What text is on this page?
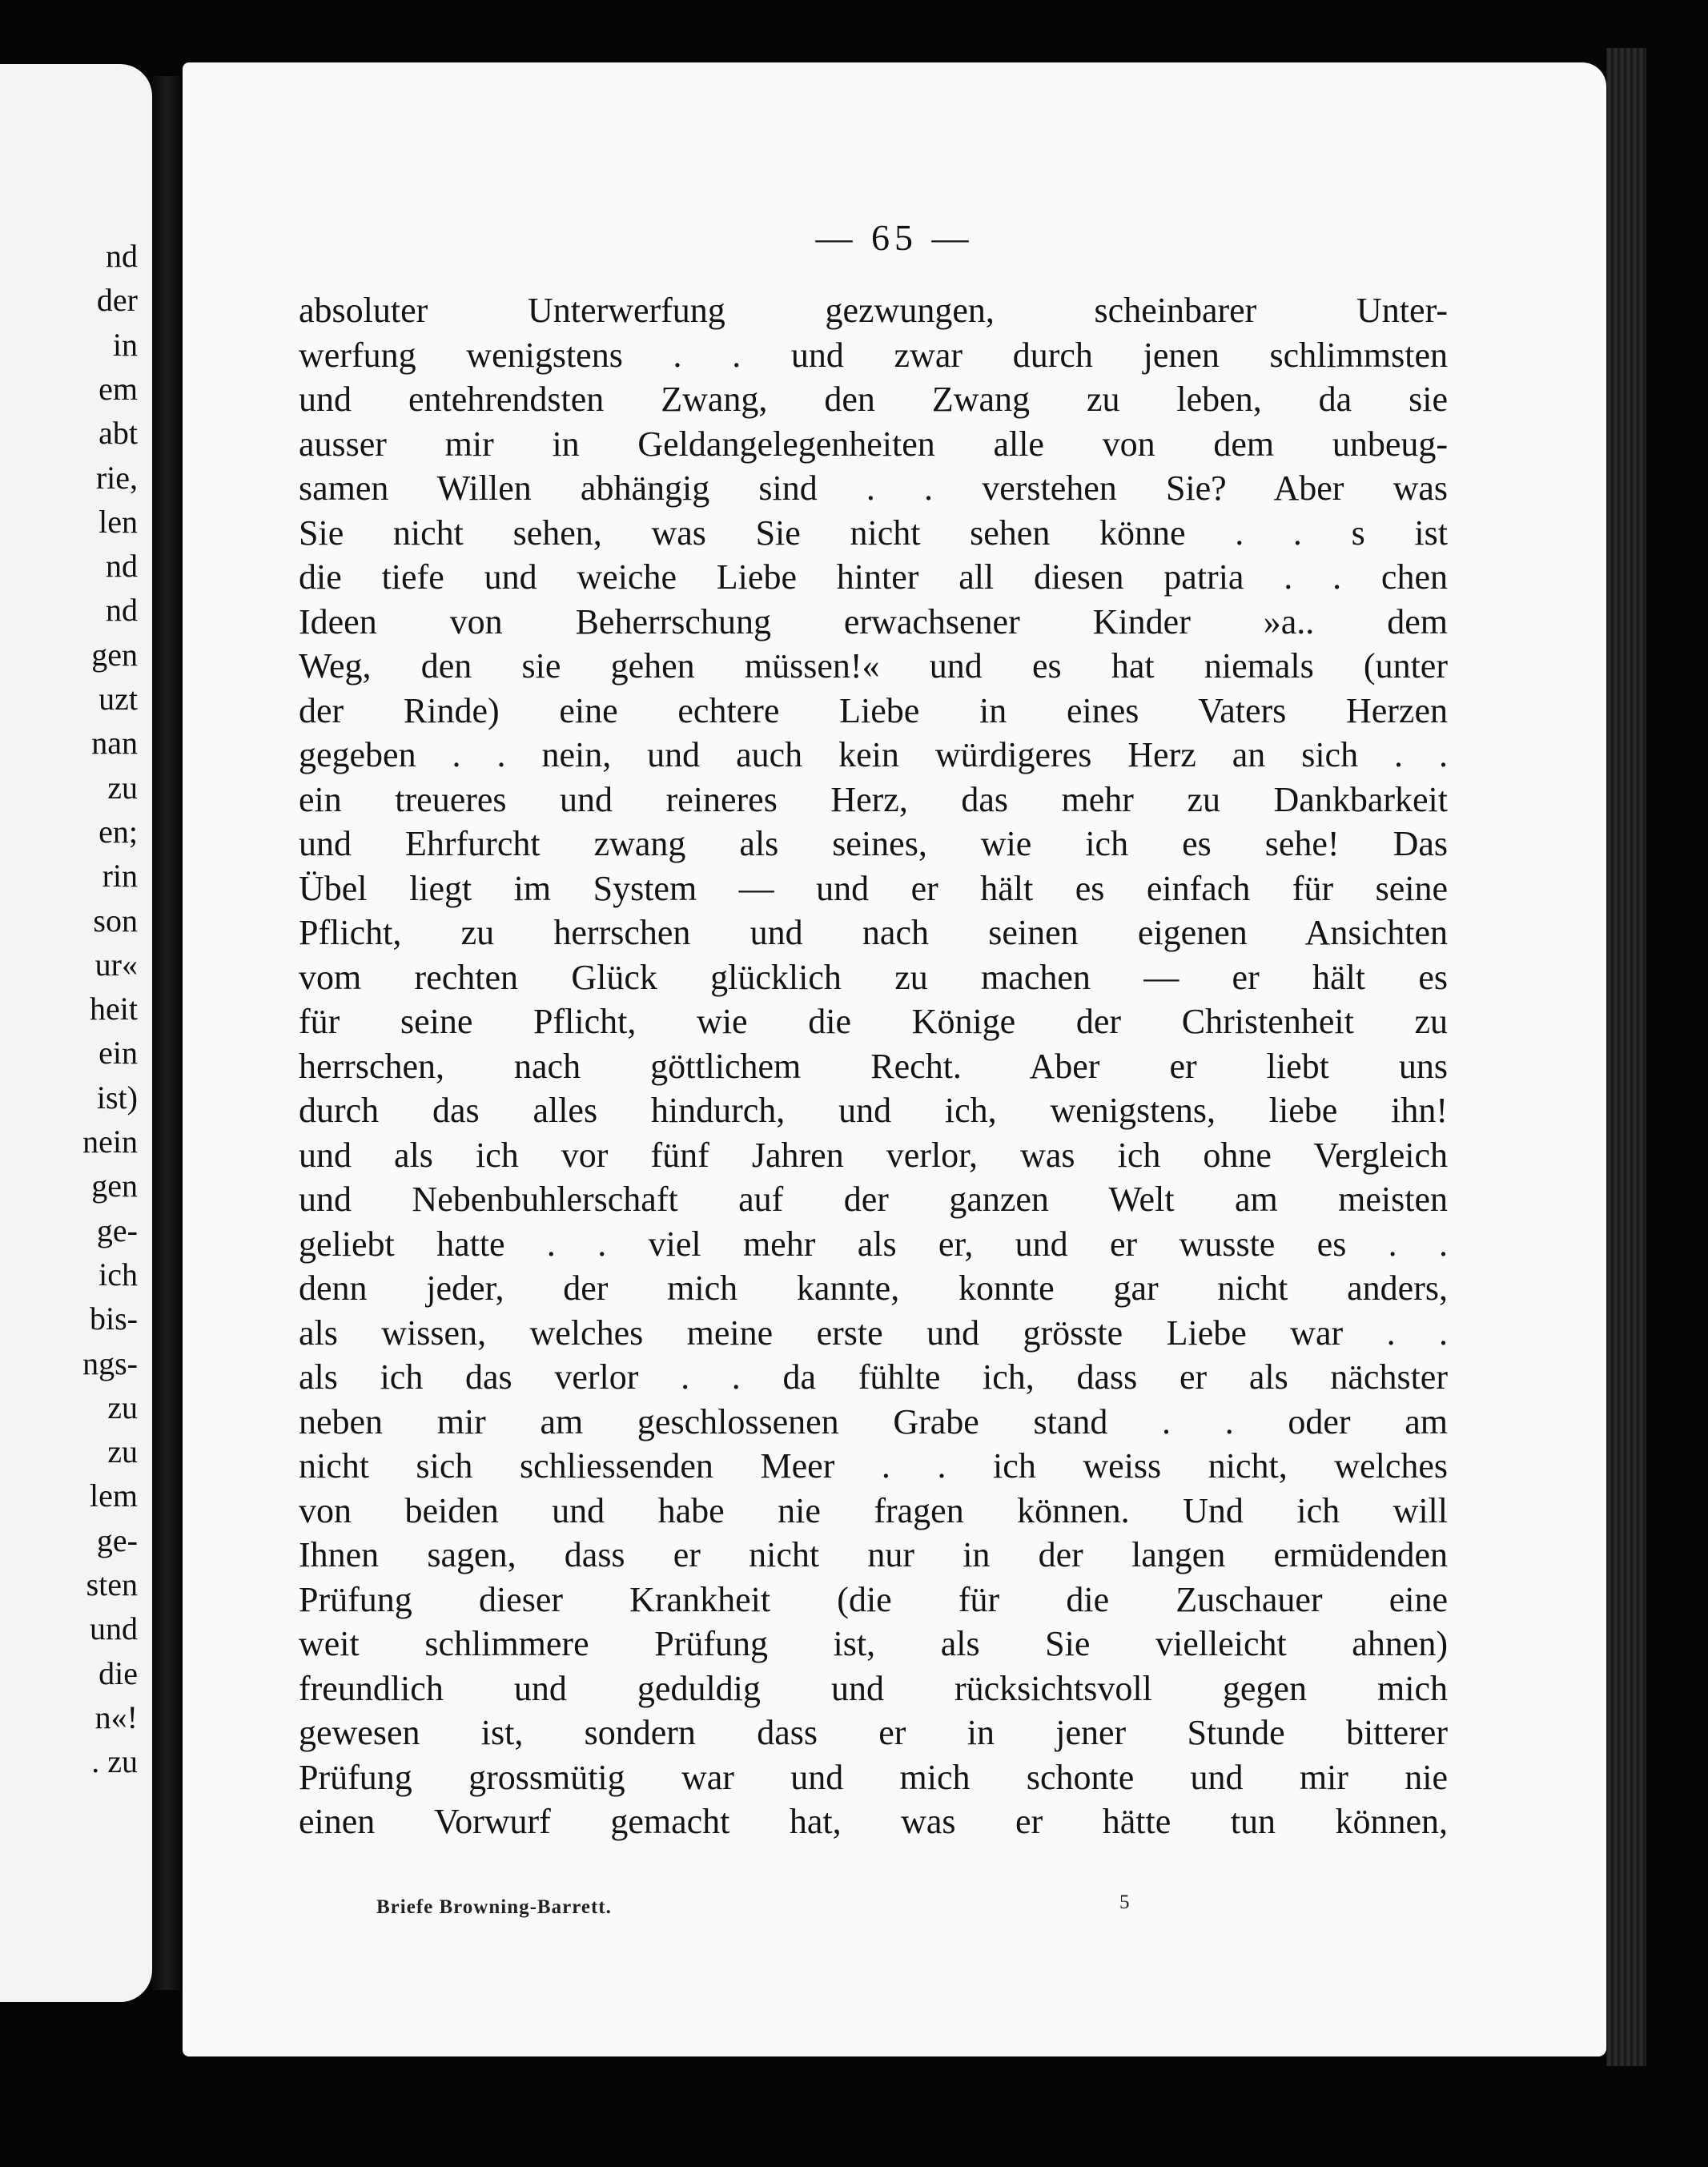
nd
der
in
em
abt
rie,
len
nd
nd
gen
uzt
nan
zu
en;
rin
son
ur«
heit
ein
ist)
nein
gen
ge-
ich
bis-
ngs-
zu
zu
lem
ge-
sten
und
die
n«!
. zu
— 65 —
absoluter Unterwerfung gezwungen, scheinbarer Unter-
werfung wenigstens . . und zwar durch jenen schlimmsten
und entehrendsten Zwang, den Zwang zu leben, da sie
ausser mir in Geldangelegenheiten alle von dem unbeug-
samen Willen abhängig sind . . verstehen Sie? Aber was
Sie nicht sehen, was Sie nicht sehen könne . . s ist
die tiefe und weiche Liebe hinter all diesen patria . . chen
Ideen von Beherrschung erwachsener Kinder »a.. dem
Weg, den sie gehen müssen!« und es hat niemals (unter
der Rinde) eine echtere Liebe in eines Vaters Herzen
gegeben . . nein, und auch kein würdigeres Herz an sich . .
ein treueres und reineres Herz, das mehr zu Dankbarkeit
und Ehrfurcht zwang als seines, wie ich es sehe! Das
Übel liegt im System — und er hält es einfach für seine
Pflicht, zu herrschen und nach seinen eigenen Ansichten
vom rechten Glück glücklich zu machen — er hält es
für seine Pflicht, wie die Könige der Christenheit zu
herrschen, nach göttlichem Recht. Aber er liebt uns
durch das alles hindurch, und ich, wenigstens, liebe ihn!
und als ich vor fünf Jahren verlor, was ich ohne Vergleich
und Nebenbuhlerschaft auf der ganzen Welt am meisten
geliebt hatte . . viel mehr als er, und er wusste es . .
denn jeder, der mich kannte, konnte gar nicht anders,
als wissen, welches meine erste und grösste Liebe war . .
als ich das verlor . . da fühlte ich, dass er als nächster
neben mir am geschlossenen Grabe stand . . oder am
nicht sich schliessenden Meer . . ich weiss nicht, welches
von beiden und habe nie fragen können. Und ich will
Ihnen sagen, dass er nicht nur in der langen ermüdenden
Prüfung dieser Krankheit (die für die Zuschauer eine
weit schlimmere Prüfung ist, als Sie vielleicht ahnen)
freundlich und geduldig und rücksichtsvoll gegen mich
gewesen ist, sondern dass er in jener Stunde bitterer
Prüfung grossmütig war und mich schonte und mir nie
einen Vorwurf gemacht hat, was er hätte tun können,
Briefe Browning-Barrett.	5
